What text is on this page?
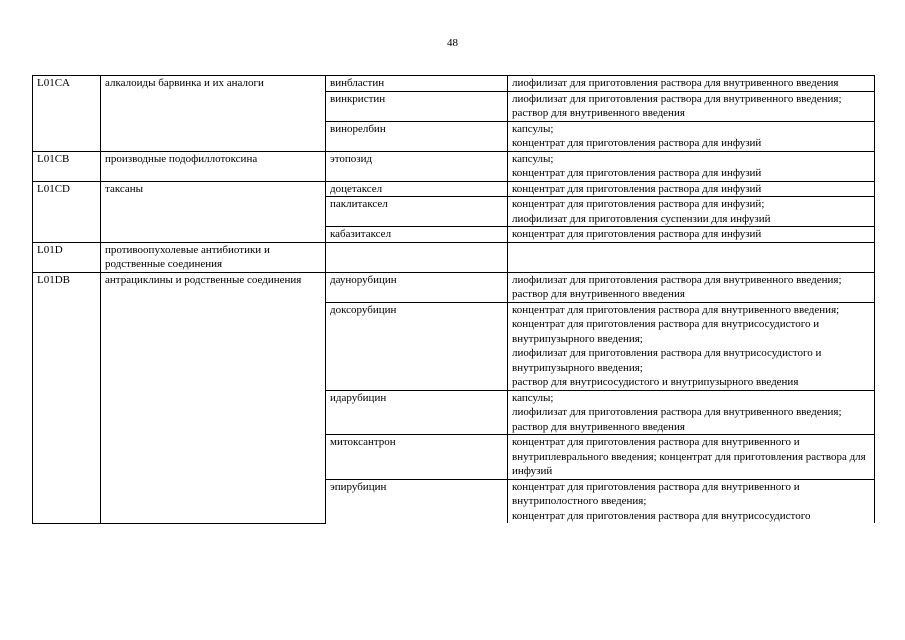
48
L01CA	алкалоиды барвинка и их аналоги	винбластин	лиофилизат для приготовления раствора для внутривенного введения
		винкристин	лиофилизат для приготовления раствора для внутривенного введения;
раствор для внутривенного введения

		винорелбин	капсулы;
концентрат для приготовления раствора для инфузий

L01CB	производные подофиллотоксина	этопозид	капсулы;
концентрат для приготовления раствора для инфузий

L01CD	таксаны	доцетаксел	концентрат для приготовления раствора для инфузий
		паклитаксел	концентрат для приготовления раствора для инфузий;
лиофилизат для приготовления суспензии для инфузий

		кабазитаксел	концентрат для приготовления раствора для инфузий
L01D	противоопухолевые антибиотики и родственные соединения		
L01DB	антрациклины и родственные соединения	даунорубицин	лиофилизат для приготовления раствора для внутривенного введения;
раствор для внутривенного введения

		доксорубицин	концентрат для приготовления раствора для внутривенного введения;
концентрат для приготовления раствора для внутрисосудистого и внутрипузырного введения;
лиофилизат для приготовления раствора для внутрисосудистого и внутрипузырного введения;
раствор для внутрисосудистого и внутрипузырного введения

		идарубицин	капсулы;
лиофилизат для приготовления раствора для внутривенного введения;
раствор для внутривенного введения

		митоксантрон	концентрат для приготовления раствора для внутривенного и внутриплеврального введения; концентрат для приготовления раствора для инфузий
		эпирубицин	концентрат для приготовления раствора для внутривенного и внутриполостного введения;
концентрат для приготовления раствора для внутрисосудистого
